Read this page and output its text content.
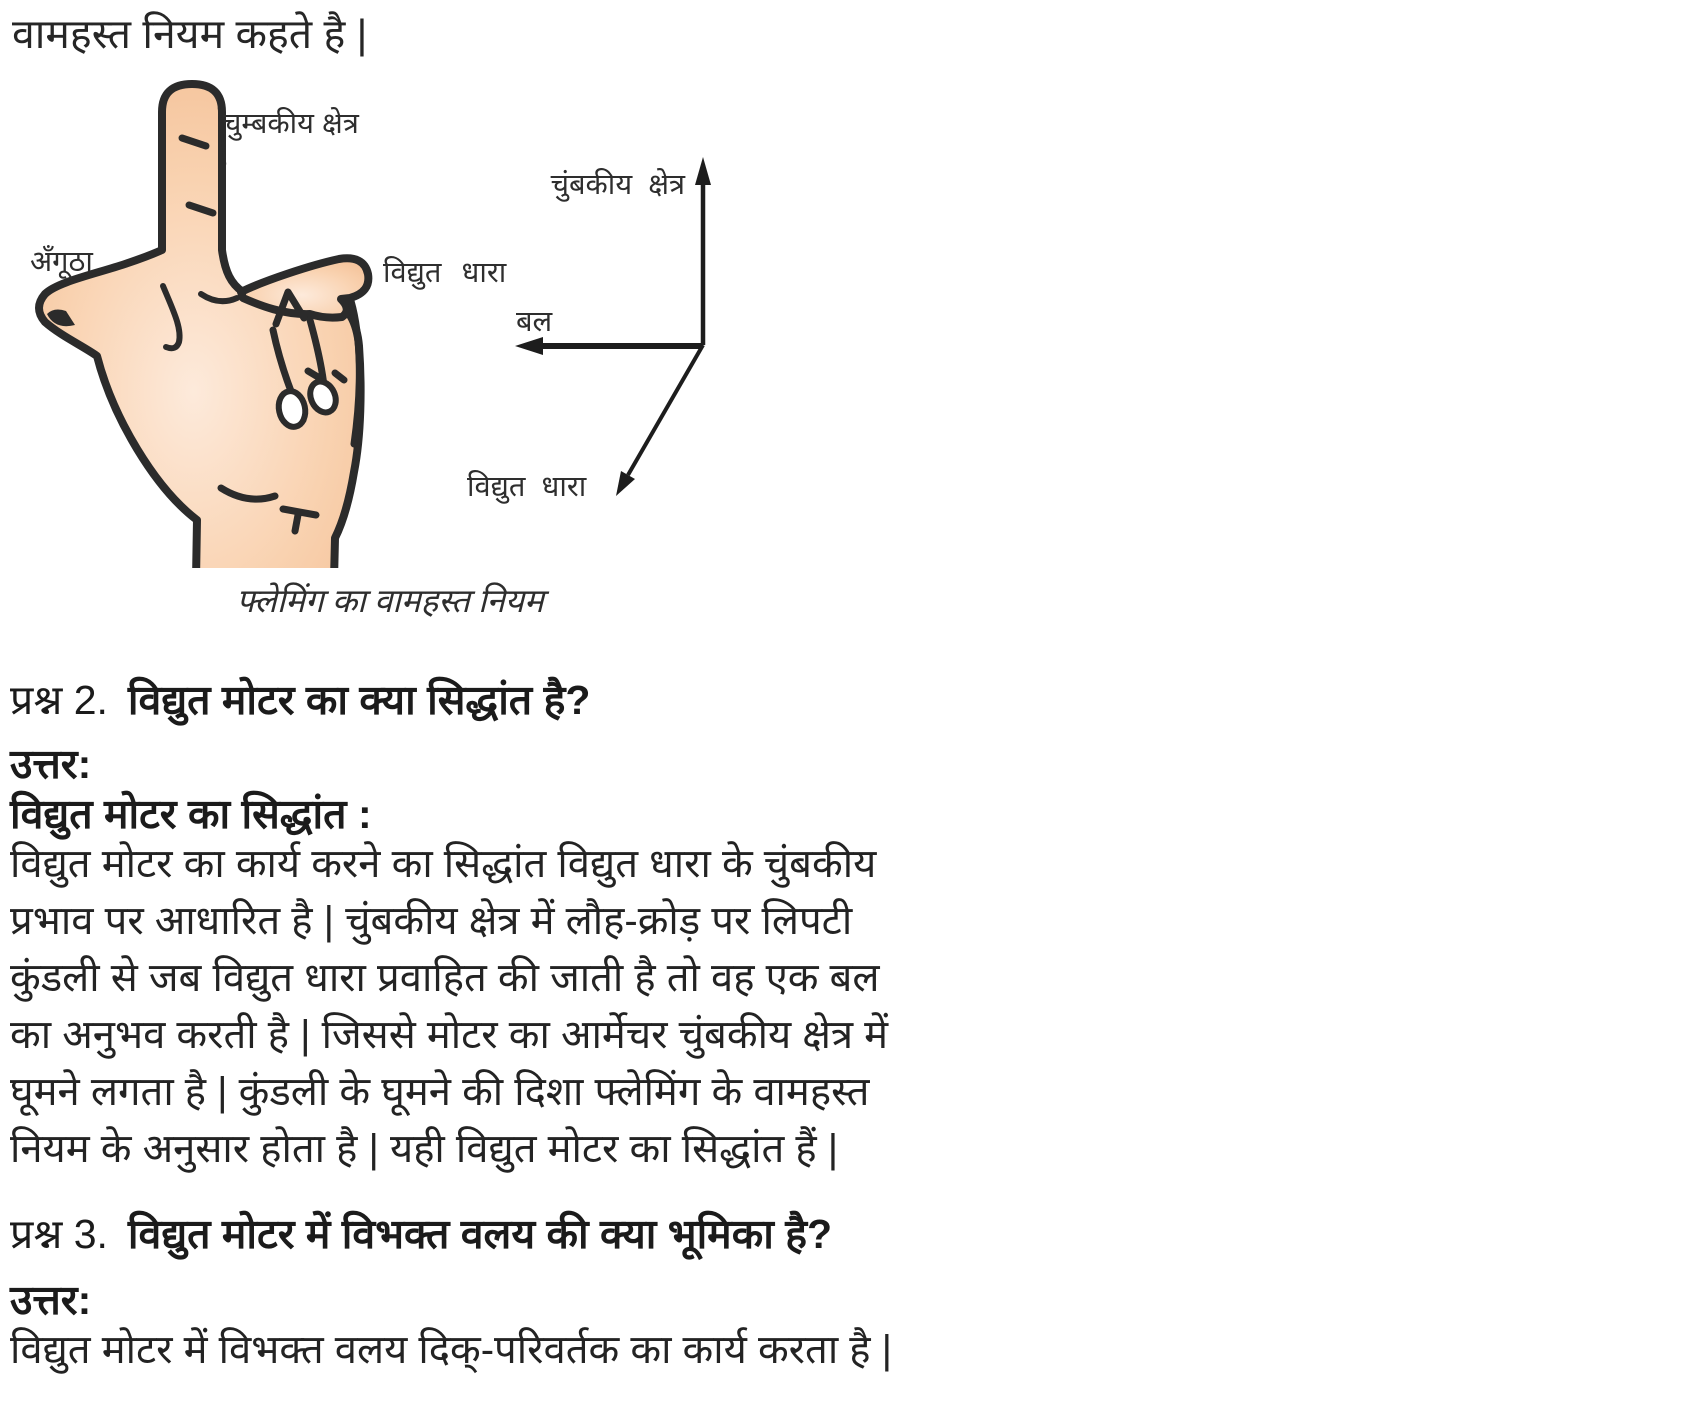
वामहस्त नियम कहते है |
चुम्बकीय क्षेत्र
अँगूठा	विद्युत धारा
चुंबकीय क्षेत्र
बल
विद्युत धारा
फ्लेमिंग का वामहस्त नियम
प्रश्न 2. विद्युत मोटर का क्या सिद्धांत है?
उत्तर:
विद्युत मोटर का सिद्धांत :
विद्युत मोटर का कार्य करने का सिद्धांत विद्युत धारा के चुंबकीय
प्रभाव पर आधारित है | चुंबकीय क्षेत्र में लौह-क्रोड़ पर लिपटी
कुंडली से जब विद्युत धारा प्रवाहित की जाती है तो वह एक बल
का अनुभव करती है | जिससे मोटर का आर्मेचर चुंबकीय क्षेत्र में
घूमने लगता है | कुंडली के घूमने की दिशा फ्लेमिंग के वामहस्त
नियम के अनुसार होता है | यही विद्युत मोटर का सिद्धांत हैं |
प्रश्न 3. विद्युत मोटर में विभक्त वलय की क्या भूमिका है?
उत्तर:
विद्युत मोटर में विभक्त वलय दिक्-परिवर्तक का कार्य करता है |
